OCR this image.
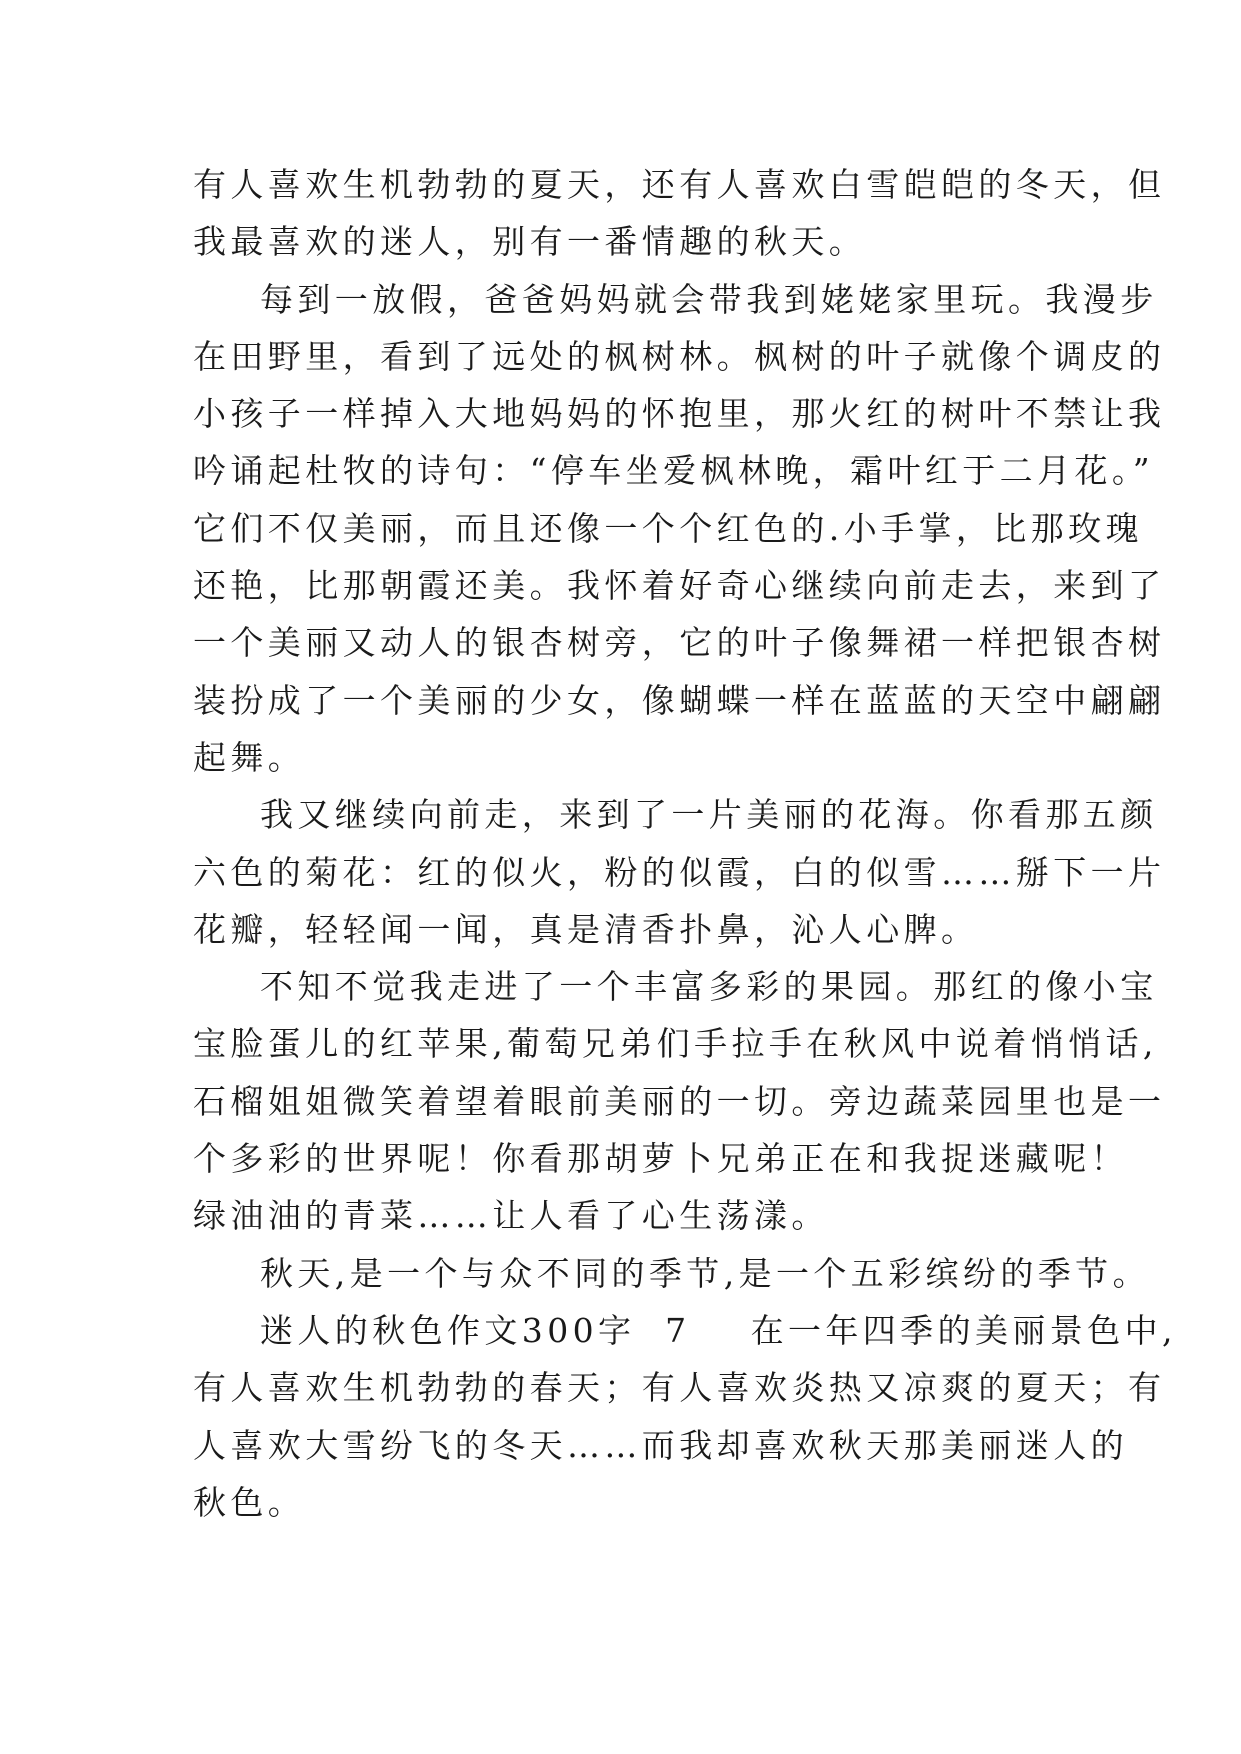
有人喜欢生机勃勃的夏天，还有人喜欢白雪皑皑的冬天，但
我最喜欢的迷人，别有一番情趣的秋天。
每到一放假，爸爸妈妈就会带我到姥姥家里玩。我漫步
在田野里，看到了远处的枫树林。枫树的叶子就像个调皮的
小孩子一样掉入大地妈妈的怀抱里，那火红的树叶不禁让我
吟诵起杜牧的诗句：“停车坐爱枫林晚，霜叶红于二月花。”
它们不仅美丽，而且还像一个个红色的.小手掌，比那玫瑰
还艳，比那朝霞还美。我怀着好奇心继续向前走去，来到了
一个美丽又动人的银杏树旁，它的叶子像舞裙一样把银杏树
装扮成了一个美丽的少女，像蝴蝶一样在蓝蓝的天空中翩翩
起舞。
我又继续向前走，来到了一片美丽的花海。你看那五颜
六色的菊花：红的似火，粉的似霞，白的似雪……掰下一片
花瓣，轻轻闻一闻，真是清香扑鼻，沁人心脾。
不知不觉我走进了一个丰富多彩的果园。那红的像小宝
宝脸蛋儿的红苹果,葡萄兄弟们手拉手在秋风中说着悄悄话,
石榴姐姐微笑着望着眼前美丽的一切。旁边蔬菜园里也是一
个多彩的世界呢！你看那胡萝卜兄弟正在和我捉迷藏呢！
绿油油的青菜……让人看了心生荡漾。
秋天,是一个与众不同的季节,是一个五彩缤纷的季节。
迷人的秋色作文300字 7 在一年四季的美丽景色中,
有人喜欢生机勃勃的春天；有人喜欢炎热又凉爽的夏天；有
人喜欢大雪纷飞的冬天……而我却喜欢秋天那美丽迷人的
秋色。
